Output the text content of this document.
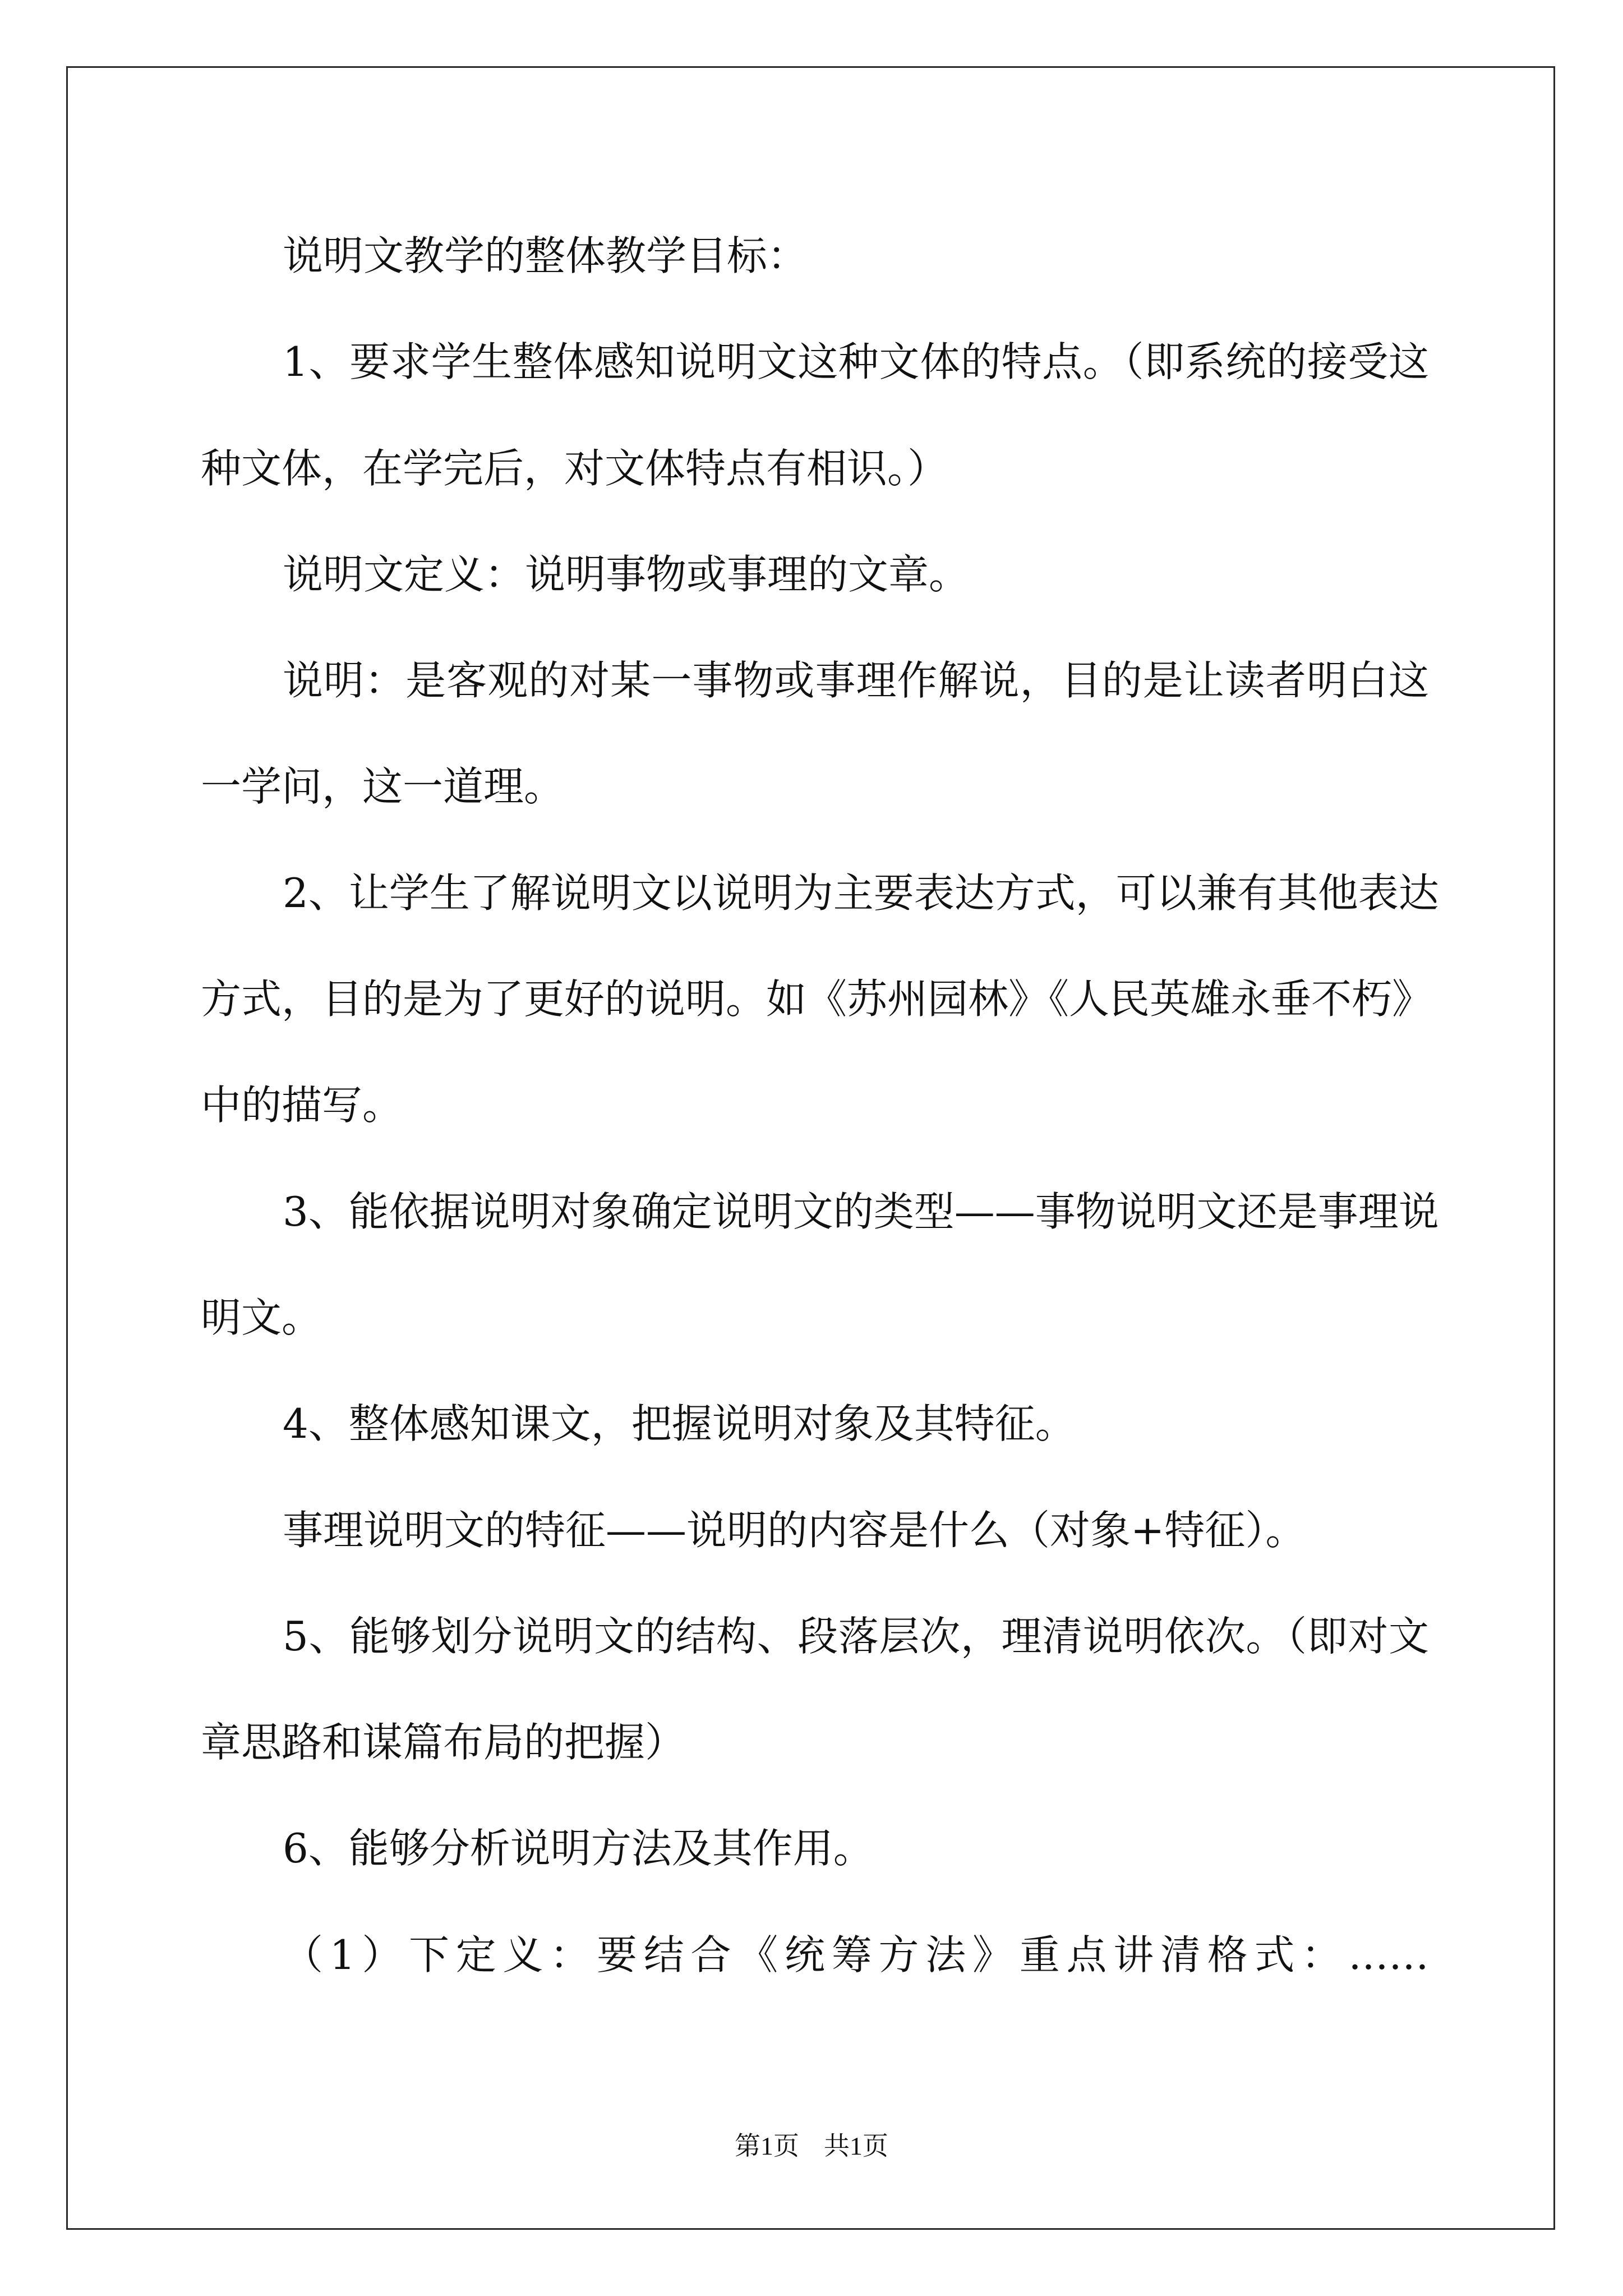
说明文教学的整体教学目标：
1、要求学生整体感知说明文这种文体的特点。（即系统的接受这
种文体，在学完后，对文体特点有相识。）
说明文定义：说明事物或事理的文章。
说明：是客观的对某一事物或事理作解说，目的是让读者明白这
一学问，这一道理。
2、让学生了解说明文以说明为主要表达方式，可以兼有其他表达
方式，目的是为了更好的说明。如《苏州园林》《人民英雄永垂不朽》
中的描写。
3、能依据说明对象确定说明文的类型——事物说明文还是事理说
明文。
4、整体感知课文，把握说明对象及其特征。
事理说明文的特征——说明的内容是什么（对象+特征）。
5、能够划分说明文的结构、段落层次，理清说明依次。（即对文
章思路和谋篇布局的把握）
6、能够分析说明方法及其作用。
（1）下定义：要结合《统筹方法》重点讲清格式：……
第1页 共1页
